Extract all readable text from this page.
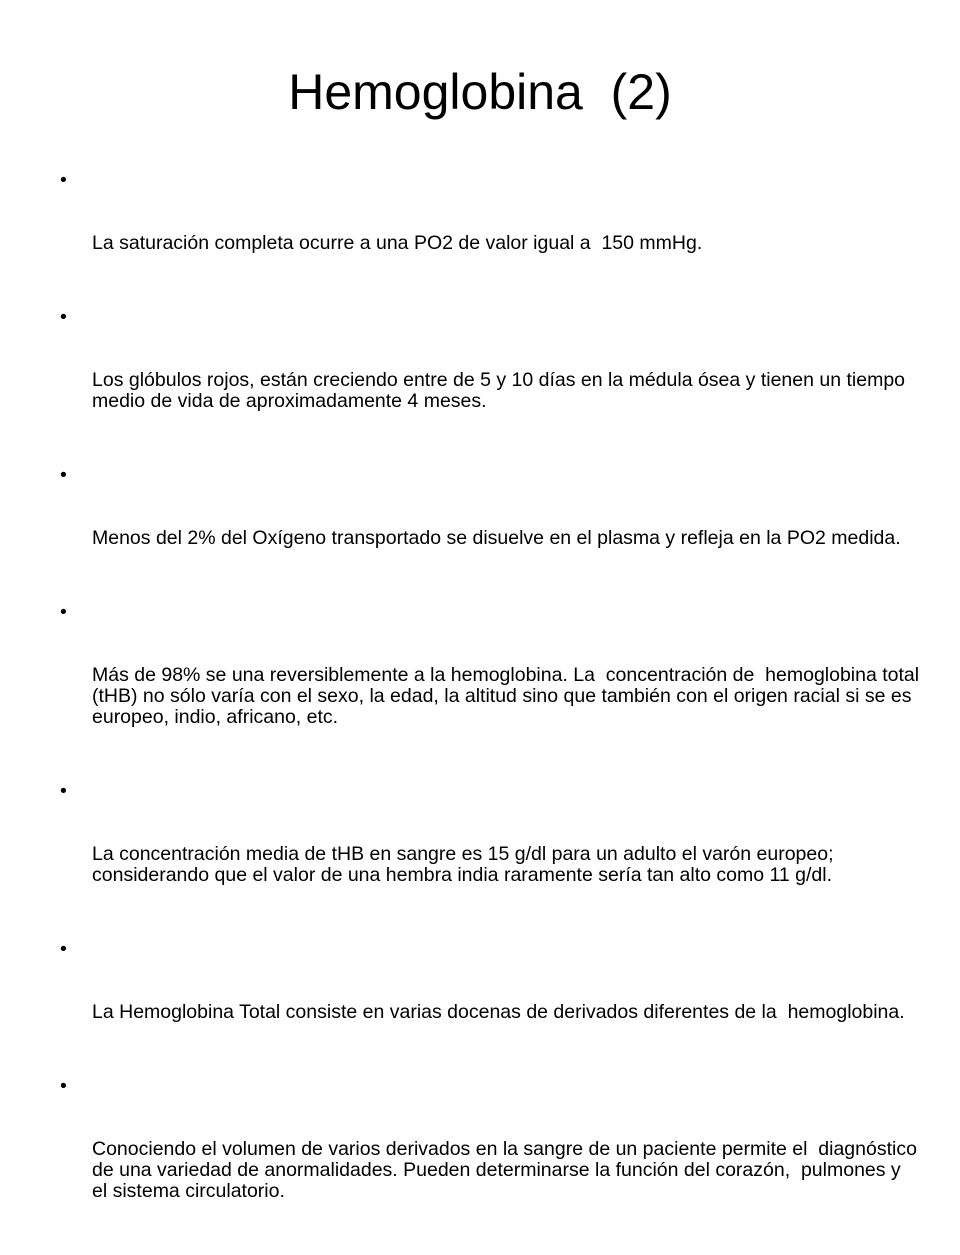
Hemoglobina  (2)

•

La saturación completa ocurre a una PO2 de valor igual a  150 mmHg.

•

Los glóbulos rojos, están creciendo entre de 5 y 10 días en la médula ósea y tienen un tiempo medio de vida de aproximadamente 4 meses.

•

Menos del 2% del Oxígeno transportado se disuelve en el plasma y refleja en la PO2 medida.

•

Más de 98% se una reversiblemente a la hemoglobina. La  concentración de  hemoglobina total (tHB) no sólo varía con el sexo, la edad, la altitud sino que también con el origen racial si se es  europeo, indio, africano, etc.

•

La concentración media de tHB en sangre es 15 g/dl para un adulto el varón europeo; considerando que el valor de una hembra india raramente sería tan alto como 11 g/dl.

•

La Hemoglobina Total consiste en varias docenas de derivados diferentes de la  hemoglobina.

•

Conociendo el volumen de varios derivados en la sangre de un paciente permite el  diagnóstico de una variedad de anormalidades. Pueden determinarse la función del corazón,  pulmones y el sistema circulatorio.
